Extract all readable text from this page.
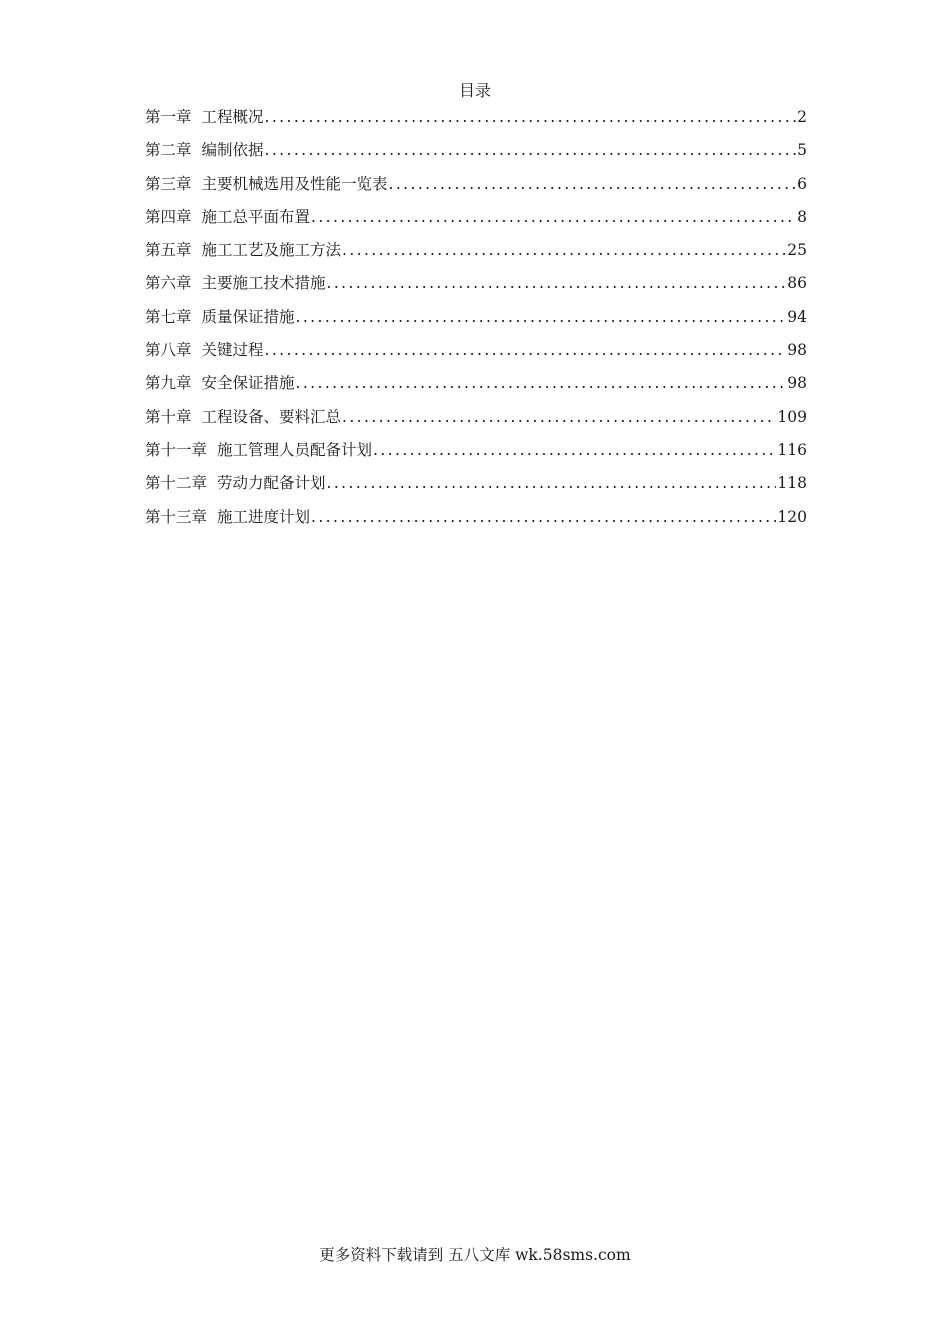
目录
第一章 工程概况 .....	2
第二章 编制依据 .....	5
第三章 主要机械选用及性能一览表 .....	6
第四章 施工总平面布置 .....	8
第五章 施工工艺及施工方法 .....	25
第六章 主要施工技术措施 .....	86
第七章 质量保证措施 .....	94
第八章 关键过程 .....	98
第九章 安全保证措施 .....	98
第十章 工程设备、要料汇总 .....	109
第十一章 施工管理人员配备计划 .....	116
第十二章 劳动力配备计划 .....	118
第十三章 施工进度计划 .....	120
更多资料下载请到 五八文库 wk.58sms.com
